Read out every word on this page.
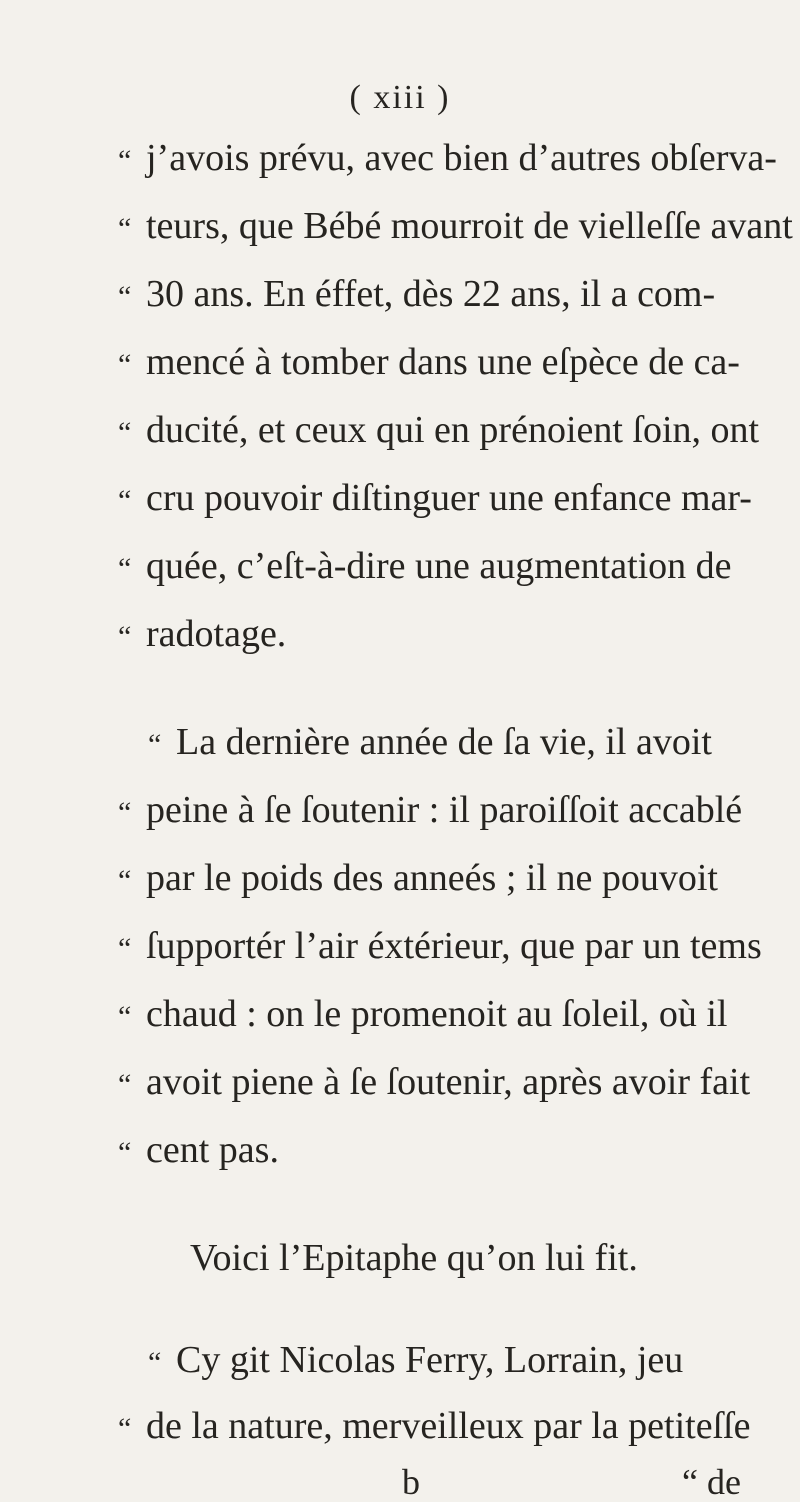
( xiii )
“ j’avois prévu, avec bien d’autres obſerva-
“ teurs, que Bébé mourroit de vielleſſe avant
“ 30 ans. En éffet, dès 22 ans, il a com-
“ mencé à tomber dans une eſpèce de ca-
“ ducité, et ceux qui en prénoient ſoin, ont
“ cru pouvoir diſtinguer une enfance mar-
“ quée, c’eſt-à-dire une augmentation de
“ radotage.
“ La dernière année de ſa vie, il avoit
“ peine à ſe ſoutenir : il paroiſſoit accablé
“ par le poids des anneés ; il ne pouvoit
“ ſupportér l’air éxtérieur, que par un tems
“ chaud : on le promenoit au ſoleil, où il
“ avoit piene à ſe ſoutenir, après avoir fait
“ cent pas.
Voici l’Epitaphe qu’on lui fit.
“ Cy git Nicolas Ferry, Lorrain, jeu
“ de la nature, merveilleux par la petiteſſe
b	“ de
